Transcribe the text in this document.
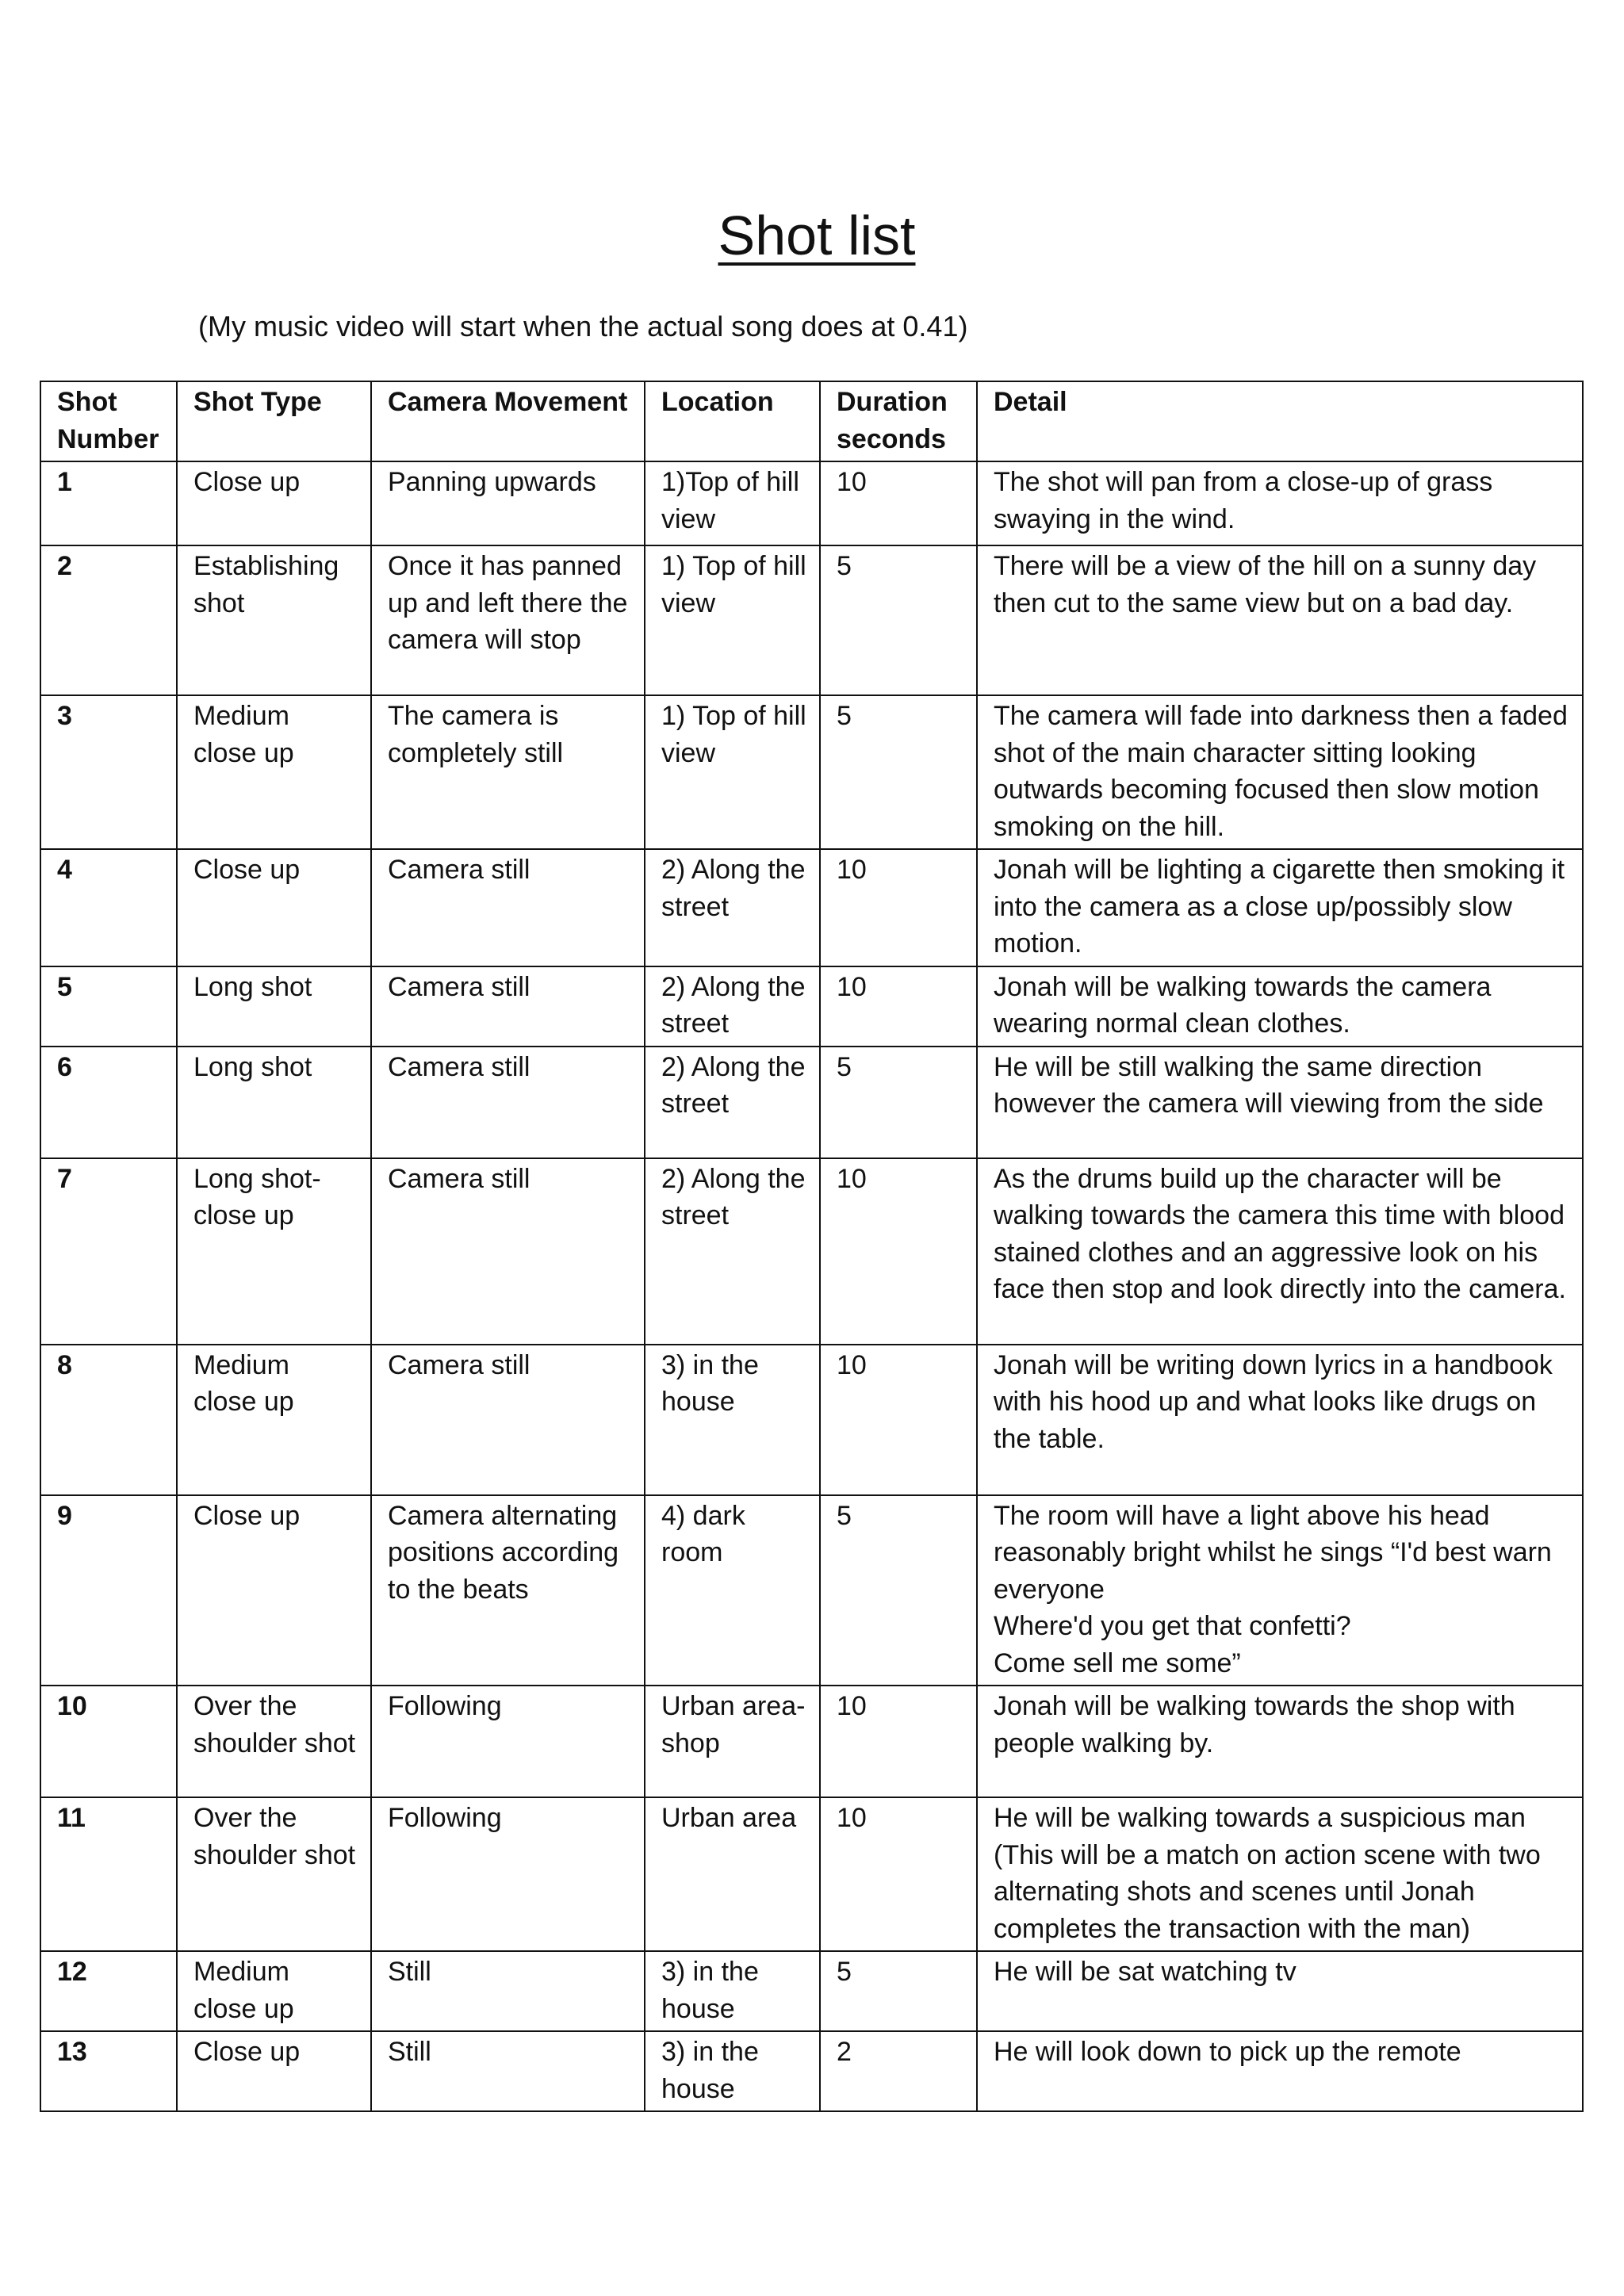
Shot list
(My music video will start when the actual song does at 0.41)
Shot Number	Shot Type	Camera Movement	Location	Duration seconds	Detail
1	Close up	Panning upwards	1)Top of hill view	10	The shot will pan from a close-up of grass swaying in the wind.
2	Establishing shot	Once it has panned up and left there the camera will stop	1) Top of hill view	5	There will be a view of the hill on a sunny day then cut to the same view but on a bad day.
3	Medium close up	The camera is completely still	1) Top of hill view	5	The camera will fade into darkness then a faded shot of the main character sitting looking outwards becoming focused then slow motion smoking on the hill.
4	Close up	Camera still	2) Along the street	10	Jonah will be lighting a cigarette then smoking it into the camera as a close up/possibly slow motion.
5	Long shot	Camera still	2) Along the street	10	Jonah will be walking towards the camera wearing normal clean clothes.
6	Long shot	Camera still	2) Along the street	5	He will be still walking the same direction however the camera will viewing from the side
7	Long shot-close up	Camera still	2) Along the street	10	As the drums build up the character will be walking towards the camera this time with blood stained clothes and an aggressive look on his face then stop and look directly into the camera.
8	Medium close up	Camera still	3) in the house	10	Jonah will be writing down lyrics in a handbook with his hood up and what looks like drugs on the table.
9	Close up	Camera alternating positions according to the beats	4) dark room	5	The room will have a light above his head reasonably bright whilst he sings “I'd best warn everyone
Where'd you get that confetti?
Come sell me some”
10	Over the shoulder shot	Following	Urban area- shop	10	Jonah will be walking towards the shop with people walking by.
11	Over the shoulder shot	Following	Urban area	10	He will be walking towards a suspicious man (This will be a match on action scene with two alternating shots and scenes until Jonah completes the transaction with the man)
12	Medium close up	Still	3) in the house	5	He will be sat watching tv
13	Close up	Still	3) in the house	2	He will look down to pick up the remote
